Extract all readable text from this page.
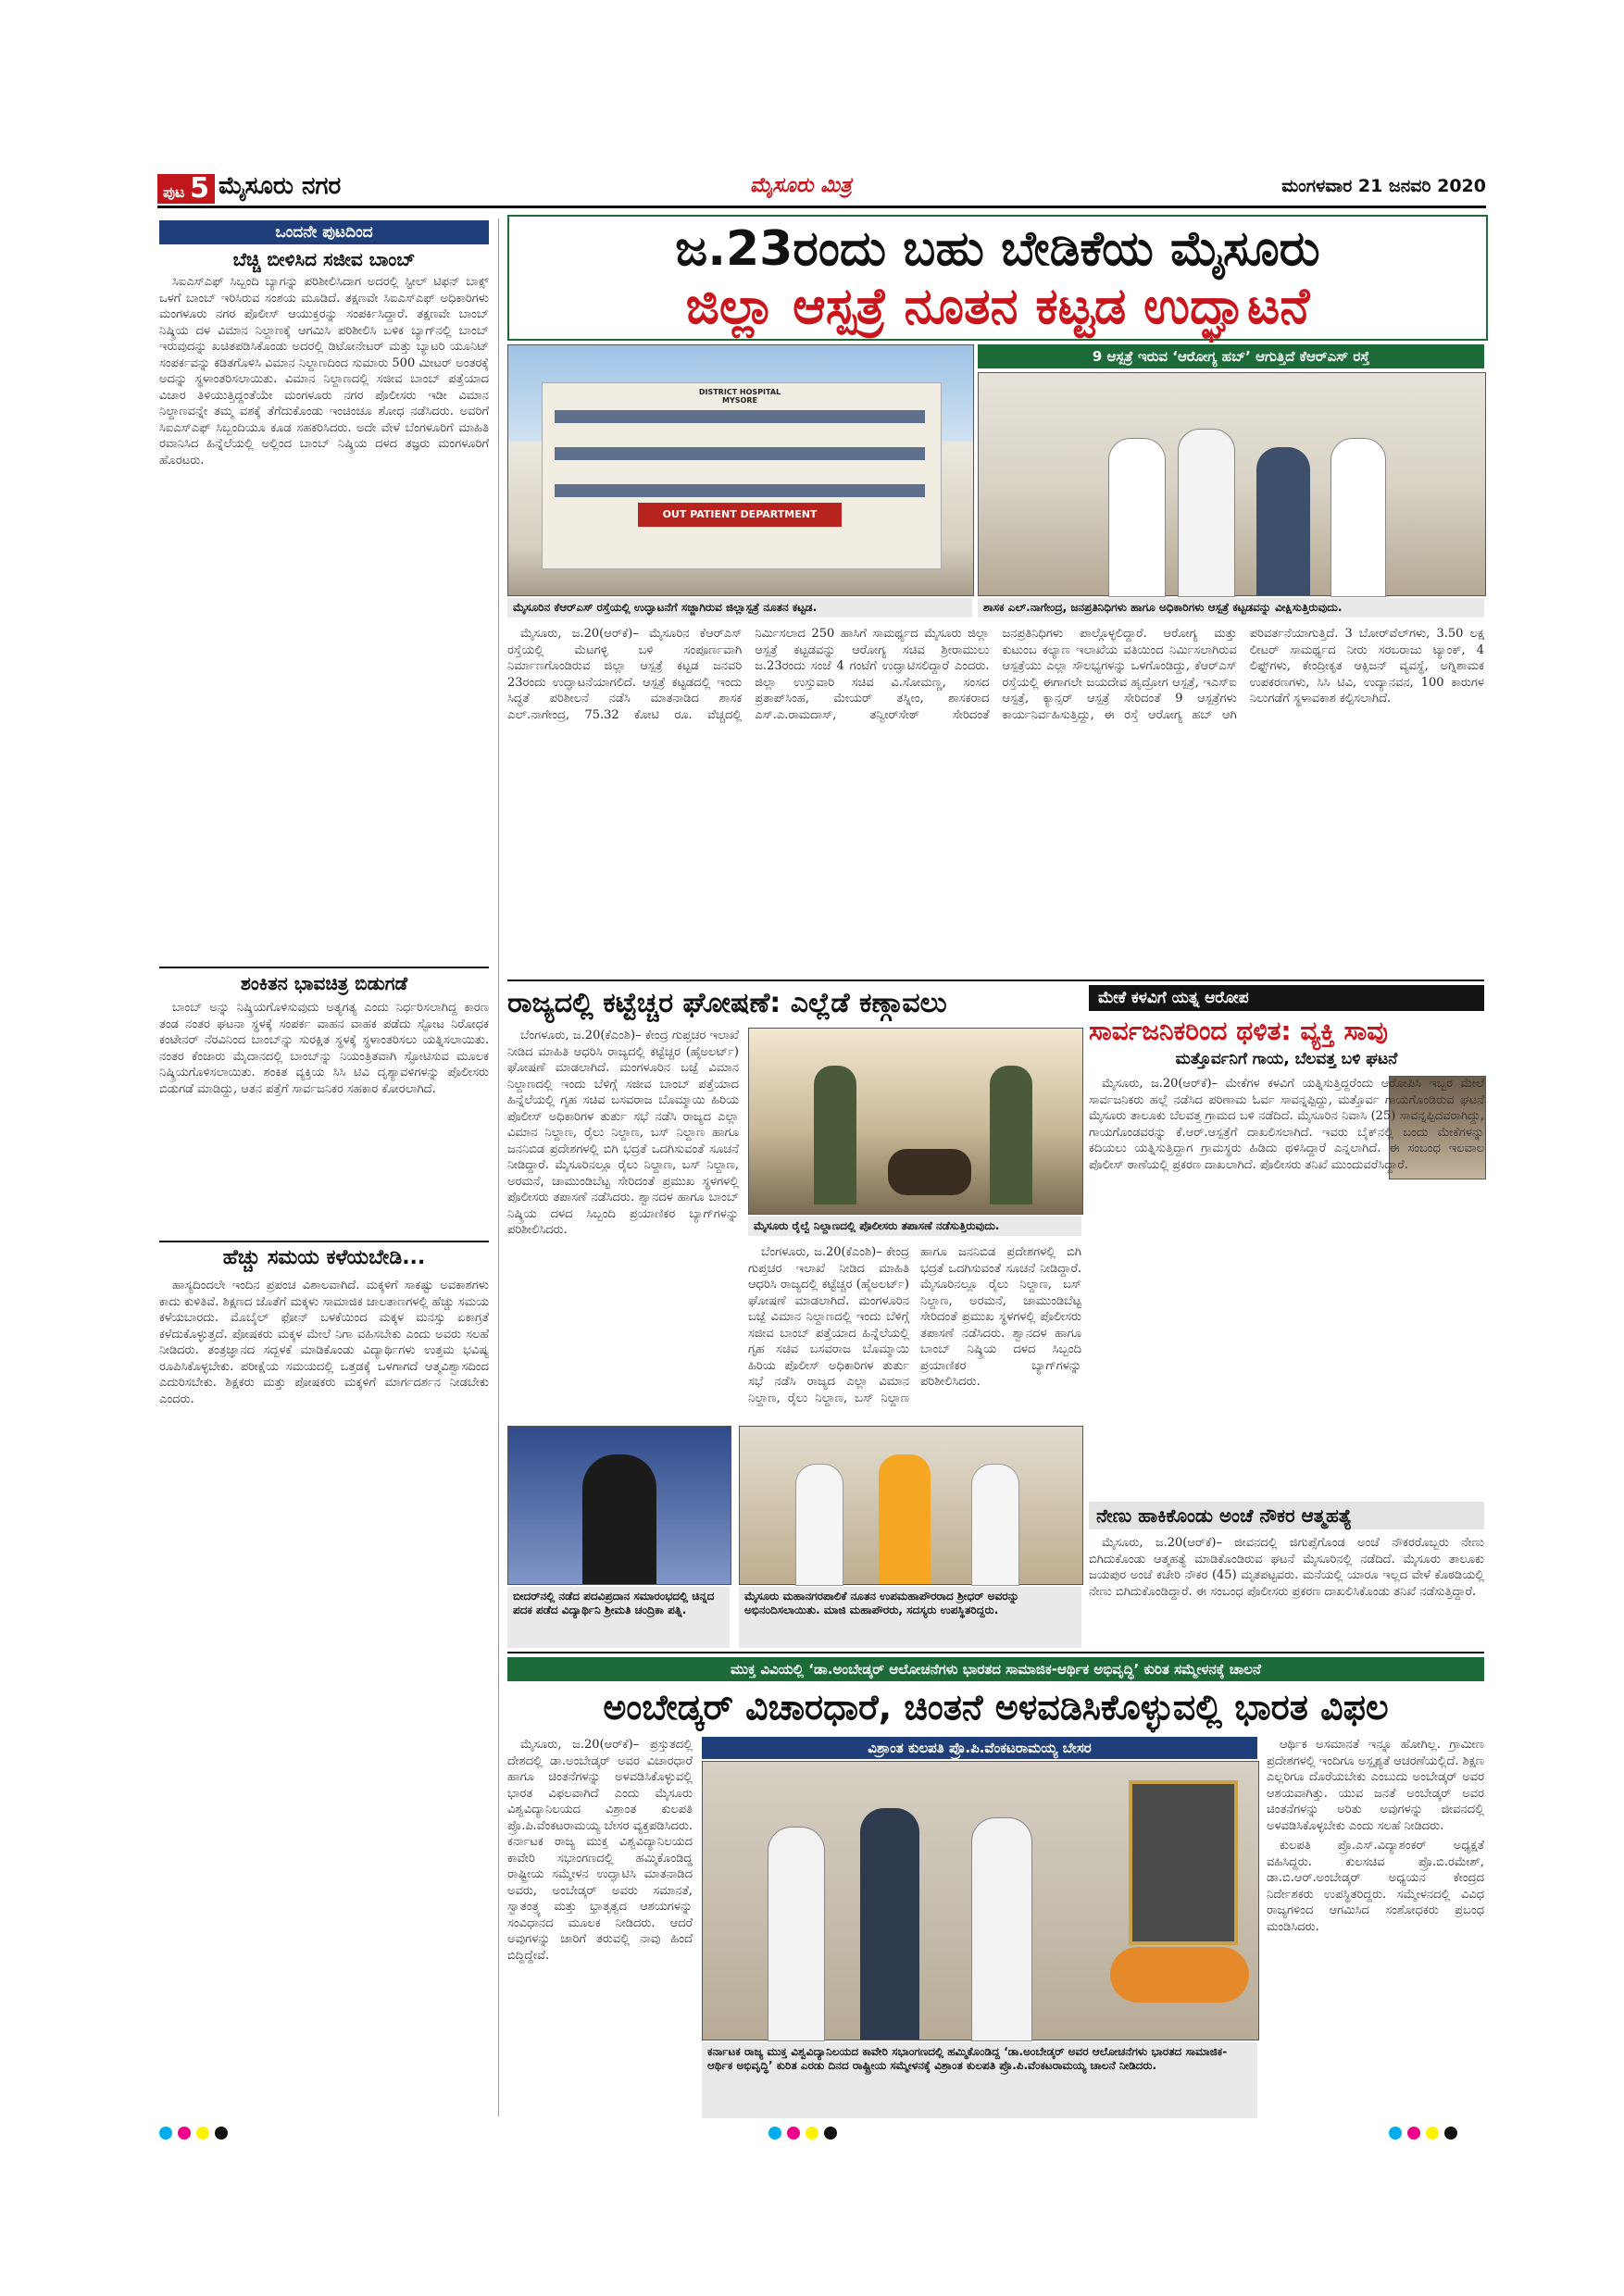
ಪುಟ 5 ಮೈಸೂರು ನಗರ	ಮೈಸೂರು ಮಿತ್ರ	ಮಂಗಳವಾರ 21 ಜನವರಿ 2020
ಒಂದನೇ ಪುಟದಿಂದ
ಬೆಚ್ಚಿ ಬೀಳಿಸಿದ ಸಜೀವ ಬಾಂಬ್

ಸಿಐಎಸ್‌ಎಫ್ ಸಿಬ್ಬಂದಿ ಬ್ಯಾಗನ್ನು ಪರಿಶೀಲಿಸಿದಾಗ ಅದರಲ್ಲಿ ಸ್ಟೀಲ್ ಟಿಫನ್ ಬಾಕ್ಸ್ ಒಳಗೆ ಬಾಂಬ್ ಇರಿಸಿರುವ ಸಂಶಯ ಮೂಡಿದೆ. ತಕ್ಷಣವೇ ಸಿಐಎಸ್‌ಎಫ್ ಅಧಿಕಾರಿಗಳು ಮಂಗಳೂರು ನಗರ ಪೊಲೀಸ್ ಆಯುಕ್ತರನ್ನು ಸಂಪರ್ಕಿಸಿದ್ದಾರೆ. ತಕ್ಷಣವೇ ಬಾಂಬ್ ನಿಷ್ಕ್ರಿಯ ದಳ ವಿಮಾನ ನಿಲ್ದಾಣಕ್ಕೆ ಆಗಮಿಸಿ ಪರಿಶೀಲಿಸಿ ಬಳಿಕ ಬ್ಯಾಗ್‌ನಲ್ಲಿ ಬಾಂಬ್ ಇರುವುದನ್ನು ಖಚಿತಪಡಿಸಿಕೊಂಡು ಅದರಲ್ಲಿ ಡಿಟೋನೇಟರ್ ಮತ್ತು ಬ್ಯಾಟರಿ ಯೂನಿಟ್ ಸಂಪರ್ಕವನ್ನು ಕಡಿತಗೊಳಿಸಿ ವಿಮಾನ ನಿಲ್ದಾಣದಿಂದ ಸುಮಾರು 500 ಮೀಟರ್ ಅಂತರಕ್ಕೆ ಅದನ್ನು ಸ್ಥಳಾಂತರಿಸಲಾಯಿತು. ವಿಮಾನ ನಿಲ್ದಾಣದಲ್ಲಿ ಸಜೀವ ಬಾಂಬ್ ಪತ್ತೆಯಾದ ವಿಚಾರ ತಿಳಿಯುತ್ತಿದ್ದಂತೆಯೇ ಮಂಗಳೂರು ನಗರ ಪೊಲೀಸರು ಇಡೀ ವಿಮಾನ ನಿಲ್ದಾಣವನ್ನೇ ತಮ್ಮ ವಶಕ್ಕೆ ತೆಗೆದುಕೊಂಡು ಇಂಚಿಂಚೂ ಶೋಧ ನಡೆಸಿದರು. ಅವರಿಗೆ ಸಿಐಎಸ್‌ಎಫ್ ಸಿಬ್ಬಂದಿಯೂ ಕೂಡ ಸಹಕರಿಸಿದರು. ಅದೇ ವೇಳೆ ಬೆಂಗಳೂರಿಗೆ ಮಾಹಿತಿ ರವಾನಿಸಿದ ಹಿನ್ನೆಲೆಯಲ್ಲಿ ಅಲ್ಲಿಂದ ಬಾಂಬ್ ನಿಷ್ಕ್ರಿಯ ದಳದ ತಜ್ಞರು ಮಂಗಳೂರಿಗೆ ಹೊರಟರು.

ಶಂಕಿತನ ಭಾವಚಿತ್ರ ಬಿಡುಗಡೆ

ಬಾಂಬ್ ಅನ್ನು ನಿಷ್ಕ್ರಿಯಗೊಳಿಸುವುದು ಅತ್ಯಗತ್ಯ ಎಂದು ನಿರ್ಧರಿಸಲಾಗಿದ್ದ ಕಾರಣ ತಂಡ ನಂತರ ಘಟನಾ ಸ್ಥಳಕ್ಕೆ ಸಂಪರ್ಕ ವಾಹನ ವಾಹಕ ಪಡೆದು ಸ್ಫೋಟ ನಿರೋಧಕ ಕಂಟೇನರ್ ನೆರವಿನಿಂದ ಬಾಂಬ್‌ನ್ನು ಸುರಕ್ಷಿತ ಸ್ಥಳಕ್ಕೆ ಸ್ಥಳಾಂತರಿಸಲು ಯತ್ನಿಸಲಾಯಿತು. ನಂತರ ಕೆಂಜಾರು ಮೈದಾನದಲ್ಲಿ ಬಾಂಬ್‌ನ್ನು ನಿಯಂತ್ರಿತವಾಗಿ ಸ್ಫೋಟಿಸುವ ಮೂಲಕ ನಿಷ್ಕ್ರಿಯಗೊಳಿಸಲಾಯಿತು. ಶಂಕಿತ ವ್ಯಕ್ತಿಯ ಸಿಸಿ ಟಿವಿ ದೃಶ್ಯಾವಳಿಗಳನ್ನು ಪೊಲೀಸರು ಬಿಡುಗಡೆ ಮಾಡಿದ್ದು, ಆತನ ಪತ್ತೆಗೆ ಸಾರ್ವಜನಿಕರ ಸಹಕಾರ ಕೋರಲಾಗಿದೆ.

ಹೆಚ್ಚು ಸಮಯ ಕಳೆಯಬೇಡಿ...

ಹಾಸ್ಯದಿಂದಲೇ ಇಂದಿನ ಪ್ರಪಂಚ ವಿಶಾಲವಾಗಿದೆ. ಮಕ್ಕಳಿಗೆ ಸಾಕಷ್ಟು ಅವಕಾಶಗಳು ಕಾದು ಕುಳಿತಿವೆ. ಶಿಕ್ಷಣದ ಜೊತೆಗೆ ಮಕ್ಕಳು ಸಾಮಾಜಿಕ ಜಾಲತಾಣಗಳಲ್ಲಿ ಹೆಚ್ಚು ಸಮಯ ಕಳೆಯಬಾರದು. ಮೊಬೈಲ್ ಫೋನ್ ಬಳಕೆಯಿಂದ ಮಕ್ಕಳ ಮನಸ್ಸು ಏಕಾಗ್ರತೆ ಕಳೆದುಕೊಳ್ಳುತ್ತದೆ. ಪೋಷಕರು ಮಕ್ಕಳ ಮೇಲೆ ನಿಗಾ ವಹಿಸಬೇಕು ಎಂದು ಅವರು ಸಲಹೆ ನೀಡಿದರು. ತಂತ್ರಜ್ಞಾನದ ಸದ್ಬಳಕೆ ಮಾಡಿಕೊಂಡು ವಿದ್ಯಾರ್ಥಿಗಳು ಉತ್ತಮ ಭವಿಷ್ಯ ರೂಪಿಸಿಕೊಳ್ಳಬೇಕು. ಪರೀಕ್ಷೆಯ ಸಮಯದಲ್ಲಿ ಒತ್ತಡಕ್ಕೆ ಒಳಗಾಗದೆ ಆತ್ಮವಿಶ್ವಾಸದಿಂದ ಎದುರಿಸಬೇಕು. ಶಿಕ್ಷಕರು ಮತ್ತು ಪೋಷಕರು ಮಕ್ಕಳಿಗೆ ಮಾರ್ಗದರ್ಶನ ನೀಡಬೇಕು ಎಂದರು.

ಜ.23ರಂದು ಬಹು ಬೇಡಿಕೆಯ ಮೈಸೂರು
ಜಿಲ್ಲಾ ಆಸ್ಪತ್ರೆ ನೂತನ ಕಟ್ಟಡ ಉದ್ಘಾಟನೆ
DISTRICT HOSPITAL MYSORE
OUT PATIENT DEPARTMENT
ಮೈಸೂರಿನ ಕೆಆರ್‌ಎಸ್ ರಸ್ತೆಯಲ್ಲಿ ಉದ್ಘಾಟನೆಗೆ ಸಜ್ಜಾಗಿರುವ ಜಿಲ್ಲಾಸ್ಪತ್ರೆ ನೂತನ ಕಟ್ಟಡ.
9 ಆಸ್ಪತ್ರೆ ಇರುವ ‘ಆರೋಗ್ಯ ಹಬ್’ ಆಗುತ್ತಿದೆ ಕೆಆರ್‌ಎಸ್ ರಸ್ತೆ
ಶಾಸಕ ಎಲ್.ನಾಗೇಂದ್ರ, ಜನಪ್ರತಿನಿಧಿಗಳು ಹಾಗೂ ಅಧಿಕಾರಿಗಳು ಆಸ್ಪತ್ರೆ ಕಟ್ಟಡವನ್ನು ವೀಕ್ಷಿಸುತ್ತಿರುವುದು.

ಮೈಸೂರು, ಜ.20(ಆರ್‌ಕೆ)– ಮೈಸೂರಿನ ಕೆಆರ್‌ಎಸ್ ರಸ್ತೆಯಲ್ಲಿ ಮೆಟಗಳ್ಳಿ ಬಳಿ ಸಂಪೂರ್ಣವಾಗಿ ನಿರ್ಮಾಣಗೊಂಡಿರುವ ಜಿಲ್ಲಾ ಆಸ್ಪತ್ರೆ ಕಟ್ಟಡ ಜನವರಿ 23ರಂದು ಉದ್ಘಾಟನೆಯಾಗಲಿದೆ. ಆಸ್ಪತ್ರೆ ಕಟ್ಟಡದಲ್ಲಿ ಇಂದು ಸಿದ್ಧತೆ ಪರಿಶೀಲನೆ ನಡೆಸಿ ಮಾತನಾಡಿದ ಶಾಸಕ ಎಲ್.ನಾಗೇಂದ್ರ, 75.32 ಕೋಟಿ ರೂ. ವೆಚ್ಚದಲ್ಲಿ ನಿರ್ಮಿಸಲಾದ 250 ಹಾಸಿಗೆ ಸಾಮರ್ಥ್ಯದ ಮೈಸೂರು ಜಿಲ್ಲಾ ಆಸ್ಪತ್ರೆ ಕಟ್ಟಡವನ್ನು ಆರೋಗ್ಯ ಸಚಿವ ಶ್ರೀರಾಮುಲು ಜ.23ರಂದು ಸಂಜೆ 4 ಗಂಟೆಗೆ ಉದ್ಘಾಟಿಸಲಿದ್ದಾರೆ ಎಂದರು. ಜಿಲ್ಲಾ ಉಸ್ತುವಾರಿ ಸಚಿವ ವಿ.ಸೋಮಣ್ಣ, ಸಂಸದ ಪ್ರತಾಪ್‌ಸಿಂಹ, ಮೇಯರ್ ತಸ್ನೀಂ, ಶಾಸಕರಾದ ಎಸ್.ಎ.ರಾಮದಾಸ್, ತನ್ವೀರ್‌ಸೇಠ್ ಸೇರಿದಂತೆ ಜನಪ್ರತಿನಿಧಿಗಳು ಪಾಲ್ಗೊಳ್ಳಲಿದ್ದಾರೆ. ಆರೋಗ್ಯ ಮತ್ತು ಕುಟುಂಬ ಕಲ್ಯಾಣ ಇಲಾಖೆಯ ವತಿಯಿಂದ ನಿರ್ಮಿಸಲಾಗಿರುವ ಆಸ್ಪತ್ರೆಯು ಎಲ್ಲಾ ಸೌಲಭ್ಯಗಳನ್ನು ಒಳಗೊಂಡಿದ್ದು, ಕೆಆರ್‌ಎಸ್ ರಸ್ತೆಯಲ್ಲಿ ಈಗಾಗಲೇ ಜಯದೇವ ಹೃದ್ರೋಗ ಆಸ್ಪತ್ರೆ, ಇಎಸ್‌ಐ ಆಸ್ಪತ್ರೆ, ಕ್ಯಾನ್ಸರ್ ಆಸ್ಪತ್ರೆ ಸೇರಿದಂತೆ 9 ಆಸ್ಪತ್ರೆಗಳು ಕಾರ್ಯನಿರ್ವಹಿಸುತ್ತಿದ್ದು, ಈ ರಸ್ತೆ ಆರೋಗ್ಯ ಹಬ್ ಆಗಿ ಪರಿವರ್ತನೆಯಾಗುತ್ತಿದೆ. 3 ಬೋರ್‌ವೆಲ್‌ಗಳು, 3.50 ಲಕ್ಷ ಲೀಟರ್ ಸಾಮರ್ಥ್ಯದ ನೀರು ಸರಬರಾಜು ಟ್ಯಾಂಕ್, 4 ಲಿಫ್ಟ್‌ಗಳು, ಕೇಂದ್ರೀಕೃತ ಆಕ್ಸಿಜನ್ ವ್ಯವಸ್ಥೆ, ಅಗ್ನಿಶಾಮಕ ಉಪಕರಣಗಳು, ಸಿಸಿ ಟಿವಿ, ಉದ್ಯಾನವನ, 100 ಕಾರುಗಳ ನಿಲುಗಡೆಗೆ ಸ್ಥಳಾವಕಾಶ ಕಲ್ಪಿಸಲಾಗಿದೆ.

ರಾಜ್ಯದಲ್ಲಿ ಕಟ್ಟೆಚ್ಚರ ಘೋಷಣೆ: ಎಲ್ಲೆಡೆ ಕಣ್ಗಾವಲು

ಬೆಂಗಳೂರು, ಜ.20(ಕೆಎಂಶಿ)– ಕೇಂದ್ರ ಗುಪ್ತಚರ ಇಲಾಖೆ ನೀಡಿದ ಮಾಹಿತಿ ಆಧರಿಸಿ ರಾಜ್ಯದಲ್ಲಿ ಕಟ್ಟೆಚ್ಚರ (ಹೈಅಲರ್ಟ್) ಘೋಷಣೆ ಮಾಡಲಾಗಿದೆ. ಮಂಗಳೂರಿನ ಬಜ್ಪೆ ವಿಮಾನ ನಿಲ್ದಾಣದಲ್ಲಿ ಇಂದು ಬೆಳಿಗ್ಗೆ ಸಜೀವ ಬಾಂಬ್ ಪತ್ತೆಯಾದ ಹಿನ್ನೆಲೆಯಲ್ಲಿ ಗೃಹ ಸಚಿವ ಬಸವರಾಜ ಬೊಮ್ಮಾಯಿ ಹಿರಿಯ ಪೊಲೀಸ್ ಅಧಿಕಾರಿಗಳ ತುರ್ತು ಸಭೆ ನಡೆಸಿ ರಾಜ್ಯದ ಎಲ್ಲಾ ವಿಮಾನ ನಿಲ್ದಾಣ, ರೈಲು ನಿಲ್ದಾಣ, ಬಸ್ ನಿಲ್ದಾಣ ಹಾಗೂ ಜನನಿಬಿಡ ಪ್ರದೇಶಗಳಲ್ಲಿ ಬಿಗಿ ಭದ್ರತೆ ಒದಗಿಸುವಂತೆ ಸೂಚನೆ ನೀಡಿದ್ದಾರೆ. ಮೈಸೂರಿನಲ್ಲೂ ರೈಲು ನಿಲ್ದಾಣ, ಬಸ್ ನಿಲ್ದಾಣ, ಅರಮನೆ, ಚಾಮುಂಡಿಬೆಟ್ಟ ಸೇರಿದಂತೆ ಪ್ರಮುಖ ಸ್ಥಳಗಳಲ್ಲಿ ಪೊಲೀಸರು ತಪಾಸಣೆ ನಡೆಸಿದರು. ಶ್ವಾನದಳ ಹಾಗೂ ಬಾಂಬ್ ನಿಷ್ಕ್ರಿಯ ದಳದ ಸಿಬ್ಬಂದಿ ಪ್ರಯಾಣಿಕರ ಬ್ಯಾಗ್‌ಗಳನ್ನು ಪರಿಶೀಲಿಸಿದರು.	ಮೈಸೂರು ರೈಲ್ವೆ ನಿಲ್ದಾಣದಲ್ಲಿ ಪೊಲೀಸರು ತಪಾಸಣೆ ನಡೆಸುತ್ತಿರುವುದು.

ಬೆಂಗಳೂರು, ಜ.20(ಕೆಎಂಶಿ)– ಕೇಂದ್ರ ಗುಪ್ತಚರ ಇಲಾಖೆ ನೀಡಿದ ಮಾಹಿತಿ ಆಧರಿಸಿ ರಾಜ್ಯದಲ್ಲಿ ಕಟ್ಟೆಚ್ಚರ (ಹೈಅಲರ್ಟ್) ಘೋಷಣೆ ಮಾಡಲಾಗಿದೆ. ಮಂಗಳೂರಿನ ಬಜ್ಪೆ ವಿಮಾನ ನಿಲ್ದಾಣದಲ್ಲಿ ಇಂದು ಬೆಳಿಗ್ಗೆ ಸಜೀವ ಬಾಂಬ್ ಪತ್ತೆಯಾದ ಹಿನ್ನೆಲೆಯಲ್ಲಿ ಗೃಹ ಸಚಿವ ಬಸವರಾಜ ಬೊಮ್ಮಾಯಿ ಹಿರಿಯ ಪೊಲೀಸ್ ಅಧಿಕಾರಿಗಳ ತುರ್ತು ಸಭೆ ನಡೆಸಿ ರಾಜ್ಯದ ಎಲ್ಲಾ ವಿಮಾನ ನಿಲ್ದಾಣ, ರೈಲು ನಿಲ್ದಾಣ, ಬಸ್ ನಿಲ್ದಾಣ ಹಾಗೂ ಜನನಿಬಿಡ ಪ್ರದೇಶಗಳಲ್ಲಿ ಬಿಗಿ ಭದ್ರತೆ ಒದಗಿಸುವಂತೆ ಸೂಚನೆ ನೀಡಿದ್ದಾರೆ. ಮೈಸೂರಿನಲ್ಲೂ ರೈಲು ನಿಲ್ದಾಣ, ಬಸ್ ನಿಲ್ದಾಣ, ಅರಮನೆ, ಚಾಮುಂಡಿಬೆಟ್ಟ ಸೇರಿದಂತೆ ಪ್ರಮುಖ ಸ್ಥಳಗಳಲ್ಲಿ ಪೊಲೀಸರು ತಪಾಸಣೆ ನಡೆಸಿದರು. ಶ್ವಾನದಳ ಹಾಗೂ ಬಾಂಬ್ ನಿಷ್ಕ್ರಿಯ ದಳದ ಸಿಬ್ಬಂದಿ ಪ್ರಯಾಣಿಕರ ಬ್ಯಾಗ್‌ಗಳನ್ನು ಪರಿಶೀಲಿಸಿದರು.

ಬೀದರ್‌ನಲ್ಲಿ ನಡೆದ ಪದವಿಪ್ರದಾನ ಸಮಾರಂಭದಲ್ಲಿ ಚಿನ್ನದ ಪದಕ ಪಡೆದ ವಿದ್ಯಾರ್ಥಿನಿ ಶ್ರೀಮತಿ ಚಂದ್ರಿಕಾ ಪತ್ನಿ.
ಮೈಸೂರು ಮಹಾನಗರಪಾಲಿಕೆ ನೂತನ ಉಪಮಹಾಪೌರರಾದ ಶ್ರೀಧರ್ ಅವರನ್ನು ಅಭಿನಂದಿಸಲಾಯಿತು. ಮಾಜಿ ಮಹಾಪೌರರು, ಸದಸ್ಯರು ಉಪಸ್ಥಿತರಿದ್ದರು.
ಮೇಕೆ ಕಳವಿಗೆ ಯತ್ನ ಆರೋಪ
ಸಾರ್ವಜನಿಕರಿಂದ ಥಳಿತ: ವ್ಯಕ್ತಿ ಸಾವು
ಮತ್ತೊರ್ವನಿಗೆ ಗಾಯ, ಬೆಲವತ್ತ ಬಳಿ ಘಟನೆ

ಮೈಸೂರು, ಜ.20(ಆರ್‌ಕೆ)– ಮೇಕೆಗಳ ಕಳವಿಗೆ ಯತ್ನಿಸುತ್ತಿದ್ದರೆಂದು ಆರೋಪಿಸಿ ಇಬ್ಬರ ಮೇಲೆ ಸಾರ್ವಜನಿಕರು ಹಲ್ಲೆ ನಡೆಸಿದ ಪರಿಣಾಮ ಓರ್ವ ಸಾವನ್ನಪ್ಪಿದ್ದು, ಮತ್ತೊರ್ವ ಗಾಯಗೊಂಡಿರುವ ಘಟನೆ ಮೈಸೂರು ತಾಲೂಕು ಬೆಲವತ್ತ ಗ್ರಾಮದ ಬಳಿ ನಡೆದಿದೆ. ಮೈಸೂರಿನ ನಿವಾಸಿ (25) ಸಾವನ್ನಪ್ಪಿದವರಾಗಿದ್ದು, ಗಾಯಗೊಂಡವರನ್ನು ಕೆ.ಆರ್.ಆಸ್ಪತ್ರೆಗೆ ದಾಖಲಿಸಲಾಗಿದೆ. ಇವರು ಬೈಕ್‌ನಲ್ಲಿ ಬಂದು ಮೇಕೆಗಳನ್ನು ಕದಿಯಲು ಯತ್ನಿಸುತ್ತಿದ್ದಾಗ ಗ್ರಾಮಸ್ಥರು ಹಿಡಿದು ಥಳಿಸಿದ್ದಾರೆ ಎನ್ನಲಾಗಿದೆ. ಈ ಸಂಬಂಧ ಇಲವಾಲ ಪೊಲೀಸ್ ಠಾಣೆಯಲ್ಲಿ ಪ್ರಕರಣ ದಾಖಲಾಗಿದೆ. ಪೊಲೀಸರು ತನಿಖೆ ಮುಂದುವರೆಸಿದ್ದಾರೆ.

ನೇಣು ಹಾಕಿಕೊಂಡು ಅಂಚೆ ನೌಕರ ಆತ್ಮಹತ್ಯೆ

ಮೈಸೂರು, ಜ.20(ಆರ್‌ಕೆ)– ಜೀವನದಲ್ಲಿ ಜಿಗುಪ್ಸೆಗೊಂಡ ಅಂಚೆ ನೌಕರರೊಬ್ಬರು ನೇಣು ಬಿಗಿದುಕೊಂಡು ಆತ್ಮಹತ್ಯೆ ಮಾಡಿಕೊಂಡಿರುವ ಘಟನೆ ಮೈಸೂರಿನಲ್ಲಿ ನಡೆದಿದೆ. ಮೈಸೂರು ತಾಲೂಕು ಜಯಪುರ ಅಂಚೆ ಕಚೇರಿ ನೌಕರ (45) ಮೃತಪಟ್ಟವರು. ಮನೆಯಲ್ಲಿ ಯಾರೂ ಇಲ್ಲದ ವೇಳೆ ಕೊಠಡಿಯಲ್ಲಿ ನೇಣು ಬಿಗಿದುಕೊಂಡಿದ್ದಾರೆ. ಈ ಸಂಬಂಧ ಪೊಲೀಸರು ಪ್ರಕರಣ ದಾಖಲಿಸಿಕೊಂಡು ತನಿಖೆ ನಡೆಸುತ್ತಿದ್ದಾರೆ.

ಮುಕ್ತ ವಿವಿಯಲ್ಲಿ ‘ಡಾ.ಅಂಬೇಡ್ಕರ್ ಆಲೋಚನೆಗಳು ಭಾರತದ ಸಾಮಾಜಿಕ-ಆರ್ಥಿಕ ಅಭಿವೃದ್ಧಿ’ ಕುರಿತ ಸಮ್ಮೇಳನಕ್ಕೆ ಚಾಲನೆ
ಅಂಬೇಡ್ಕರ್ ವಿಚಾರಧಾರೆ, ಚಿಂತನೆ ಅಳವಡಿಸಿಕೊಳ್ಳುವಲ್ಲಿ ಭಾರತ ವಿಫಲ

ಮೈಸೂರು, ಜ.20(ಆರ್‌ಕೆ)– ಪ್ರಸ್ತುತದಲ್ಲಿ ದೇಶದಲ್ಲಿ ಡಾ.ಅಂಬೇಡ್ಕರ್ ಅವರ ವಿಚಾರಧಾರೆ ಹಾಗೂ ಚಿಂತನೆಗಳನ್ನು ಅಳವಡಿಸಿಕೊಳ್ಳುವಲ್ಲಿ ಭಾರತ ವಿಫಲವಾಗಿದೆ ಎಂದು ಮೈಸೂರು ವಿಶ್ವವಿದ್ಯಾನಿಲಯದ ವಿಶ್ರಾಂತ ಕುಲಪತಿ ಪ್ರೊ.ಪಿ.ವೆಂಕಟರಾಮಯ್ಯ ಬೇಸರ ವ್ಯಕ್ತಪಡಿಸಿದರು. ಕರ್ನಾಟಕ ರಾಜ್ಯ ಮುಕ್ತ ವಿಶ್ವವಿದ್ಯಾನಿಲಯದ ಕಾವೇರಿ ಸಭಾಂಗಣದಲ್ಲಿ ಹಮ್ಮಿಕೊಂಡಿದ್ದ ರಾಷ್ಟ್ರೀಯ ಸಮ್ಮೇಳನ ಉದ್ಘಾಟಿಸಿ ಮಾತನಾಡಿದ ಅವರು, ಅಂಬೇಡ್ಕರ್ ಅವರು ಸಮಾನತೆ, ಸ್ವಾತಂತ್ರ್ಯ ಮತ್ತು ಭ್ರಾತೃತ್ವದ ಆಶಯಗಳನ್ನು ಸಂವಿಧಾನದ ಮೂಲಕ ನೀಡಿದರು. ಆದರೆ ಅವುಗಳನ್ನು ಜಾರಿಗೆ ತರುವಲ್ಲಿ ನಾವು ಹಿಂದೆ ಬಿದ್ದಿದ್ದೇವೆ.

ವಿಶ್ರಾಂತ ಕುಲಪತಿ ಪ್ರೊ.ಪಿ.ವೆಂಕಟರಾಮಯ್ಯ ಬೇಸರ
ಕರ್ನಾಟಕ ರಾಜ್ಯ ಮುಕ್ತ ವಿಶ್ವವಿದ್ಯಾನಿಲಯದ ಕಾವೇರಿ ಸಭಾಂಗಣದಲ್ಲಿ ಹಮ್ಮಿಕೊಂಡಿದ್ದ ‘ಡಾ.ಅಂಬೇಡ್ಕರ್ ಅವರ ಆಲೋಚನೆಗಳು ಭಾರತದ ಸಾಮಾಜಿಕ-ಆರ್ಥಿಕ ಅಭಿವೃದ್ಧಿ’ ಕುರಿತ ಎರಡು ದಿನದ ರಾಷ್ಟ್ರೀಯ ಸಮ್ಮೇಳನಕ್ಕೆ ವಿಶ್ರಾಂತ ಕುಲಪತಿ ಪ್ರೊ.ಪಿ.ವೆಂಕಟರಾಮಯ್ಯ ಚಾಲನೆ ನೀಡಿದರು.

ಆರ್ಥಿಕ ಅಸಮಾನತೆ ಇನ್ನೂ ಹೋಗಿಲ್ಲ. ಗ್ರಾಮೀಣ ಪ್ರದೇಶಗಳಲ್ಲಿ ಇಂದಿಗೂ ಅಸ್ಪೃಶ್ಯತೆ ಆಚರಣೆಯಲ್ಲಿದೆ. ಶಿಕ್ಷಣ ಎಲ್ಲರಿಗೂ ದೊರೆಯಬೇಕು ಎಂಬುದು ಅಂಬೇಡ್ಕರ್ ಅವರ ಆಶಯವಾಗಿತ್ತು. ಯುವ ಜನತೆ ಅಂಬೇಡ್ಕರ್ ಅವರ ಚಿಂತನೆಗಳನ್ನು ಅರಿತು ಅವುಗಳನ್ನು ಜೀವನದಲ್ಲಿ ಅಳವಡಿಸಿಕೊಳ್ಳಬೇಕು ಎಂದು ಸಲಹೆ ನೀಡಿದರು.

ಕುಲಪತಿ ಪ್ರೊ.ಎಸ್.ವಿದ್ಯಾಶಂಕರ್ ಅಧ್ಯಕ್ಷತೆ ವಹಿಸಿದ್ದರು. ಕುಲಸಚಿವ ಪ್ರೊ.ಬಿ.ರಮೇಶ್, ಡಾ.ಬಿ.ಆರ್.ಅಂಬೇಡ್ಕರ್ ಅಧ್ಯಯನ ಕೇಂದ್ರದ ನಿರ್ದೇಶಕರು ಉಪಸ್ಥಿತರಿದ್ದರು. ಸಮ್ಮೇಳನದಲ್ಲಿ ವಿವಿಧ ರಾಜ್ಯಗಳಿಂದ ಆಗಮಿಸಿದ ಸಂಶೋಧಕರು ಪ್ರಬಂಧ ಮಂಡಿಸಿದರು.
